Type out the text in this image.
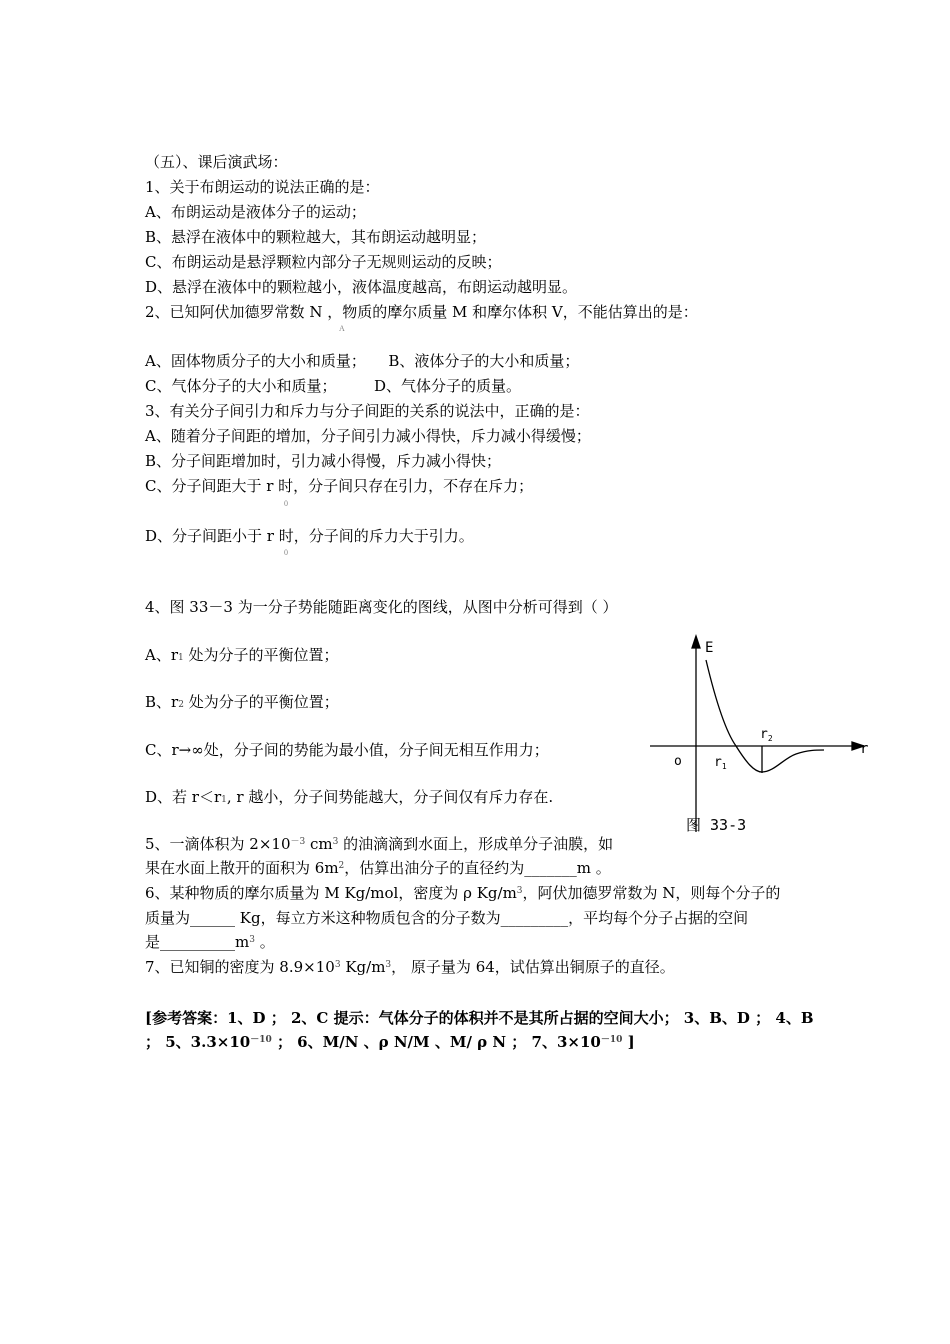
（五）、课后演武场：
1、关于布朗运动的说法正确的是：
A、布朗运动是液体分子的运动；
B、悬浮在液体中的颗粒越大，其布朗运动越明显；
C、布朗运动是悬浮颗粒内部分子无规则运动的反映；
D、悬浮在液体中的颗粒越小，液体温度越高，布朗运动越明显。
2、已知阿伏加德罗常数 N ，物质的摩尔质量 M 和摩尔体积 V，不能估算出的是：
A
A、固体物质分子的大小和质量；　　B、液体分子的大小和质量；
C、气体分子的大小和质量；　　　D、气体分子的质量。
3、有关分子间引力和斥力与分子间距的关系的说法中，正确的是：
A、随着分子间距的增加，分子间引力减小得快，斥力减小得缓慢；
B、分子间距增加时，引力减小得慢，斥力减小得快；
C、分子间距大于 r 时，分子间只存在引力，不存在斥力；
0
D、分子间距小于 r 时，分子间的斥力大于引力。
0
4、图 33－3 为一分子势能随距离变化的图线，从图中分析可得到（ ）
A、$r_1$ 处为分子的平衡位置；
B、$r_2$ 处为分子的平衡位置；
C、r→∞处，分子间的势能为最小值，分子间无相互作用力；
D、若 $r<r_1$, r 越小，分子间势能越大，分子间仅有斥力存在.
E
r
o $r_1$
$r_2$
图 33-3
5、一滴体积为 $2\times 10^{-3}$ $cm^3$ 的油滴滴到水面上，形成单分子油膜，如
果在水面上散开的面积为 $6m^2$，估算出油分子的直径约为_______m 。
6、某种物质的摩尔质量为 M Kg/mol，密度为 ρ $Kg/m^3$，阿伏加德罗常数为 N，则每个分子的
质量为______ Kg，每立方米这种物质包含的分子数为_________，平均每个分子占据的空间
是$\_\_\_\_\_\_\_\_\_\_m^3$ 。
7、已知铜的密度为 $8.9\times 10^3$ $Kg/m^3$， 原子量为 64，试估算出铜原子的直径。
[参考答案：1、D ； 2、C 提示：气体分子的体积并不是其所占据的空间大小； 3、B、D ； 4、B
； 5、$3.3\times 10^{-10}$ ； 6、M/N 、ρ N/M 、M/ ρ N ； 7、$3\times 10^{-10}$ ]
